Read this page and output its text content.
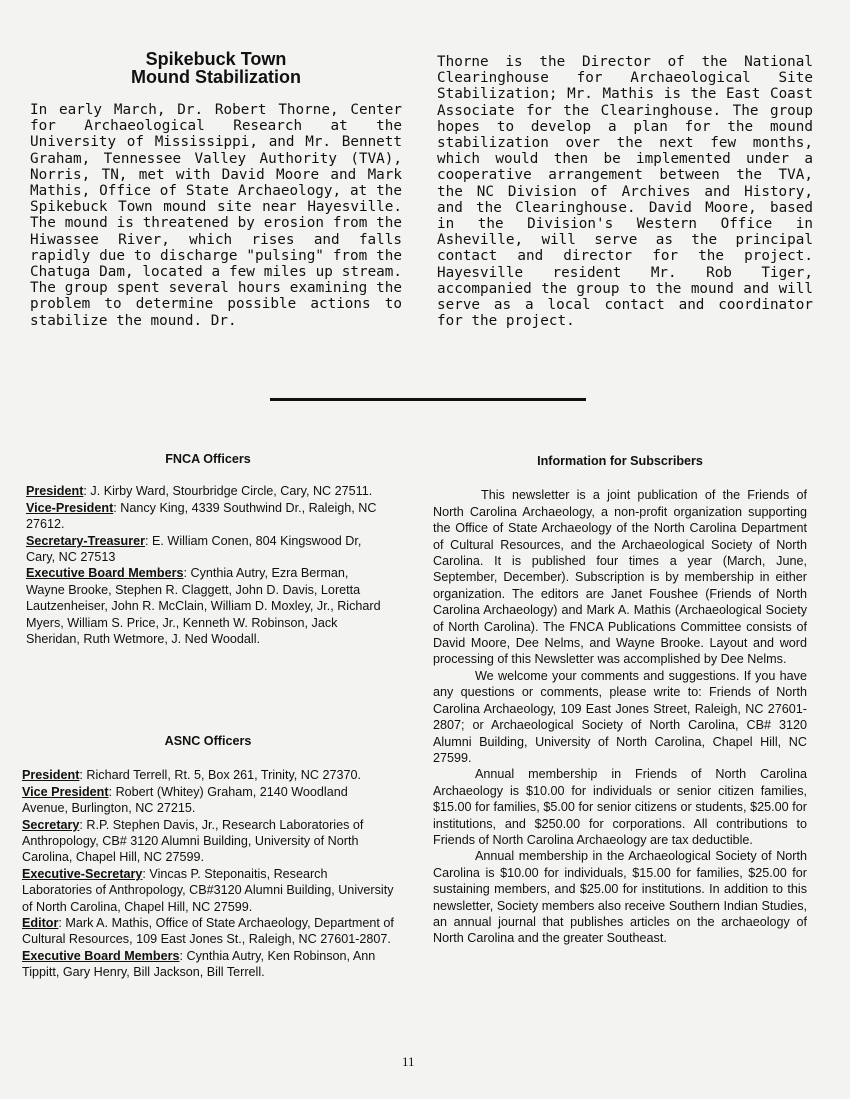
Spikebuck Town
Mound Stabilization

In early March, Dr. Robert Thorne, Center for Archaeological Research at the University of Mississippi, and Mr. Bennett Graham, Tennessee Valley Authority (TVA), Norris, TN, met with David Moore and Mark Mathis, Office of State Archaeology, at the Spikebuck Town mound site near Hayesville. The mound is threatened by erosion from the Hiwassee River, which rises and falls rapidly due to discharge "pulsing" from the Chatuga Dam, located a few miles up stream. The group spent several hours examining the problem to determine possible actions to stabilize the mound. Dr.

Thorne is the Director of the National Clearinghouse for Archaeological Site Stabilization; Mr. Mathis is the East Coast Associate for the Clearinghouse. The group hopes to develop a plan for the mound stabilization over the next few months, which would then be implemented under a cooperative arrangement between the TVA, the NC Division of Archives and History, and the Clearinghouse. David Moore, based in the Division's Western Office in Asheville, will serve as the principal contact and director for the project. Hayesville resident Mr. Rob Tiger, accompanied the group to the mound and will serve as a local contact and coordinator for the project.

FNCA Officers

President: J. Kirby Ward, Stourbridge Circle, Cary, NC 27511.

Vice-President: Nancy King, 4339 Southwind Dr., Raleigh, NC 27612.

Secretary-Treasurer: E. William Conen, 804 Kingswood Dr, Cary, NC 27513

Executive Board Members: Cynthia Autry, Ezra Berman, Wayne Brooke, Stephen R. Claggett, John D. Davis, Loretta Lautzenheiser, John R. McClain, William D. Moxley, Jr., Richard Myers, William S. Price, Jr., Kenneth W. Robinson, Jack Sheridan, Ruth Wetmore, J. Ned Woodall.

ASNC Officers

President: Richard Terrell, Rt. 5, Box 261, Trinity, NC 27370.

Vice President: Robert (Whitey) Graham, 2140 Woodland Avenue, Burlington, NC 27215.

Secretary: R.P. Stephen Davis, Jr., Research Laboratories of Anthropology, CB# 3120 Alumni Building, University of North Carolina, Chapel Hill, NC 27599.

Executive-Secretary: Vincas P. Steponaitis, Research Laboratories of Anthropology, CB#3120 Alumni Building, University of North Carolina, Chapel Hill, NC 27599.

Editor: Mark A. Mathis, Office of State Archaeology, Department of Cultural Resources, 109 East Jones St., Raleigh, NC 27601-2807.

Executive Board Members: Cynthia Autry, Ken Robinson, Ann Tippitt, Gary Henry, Bill Jackson, Bill Terrell.

Information for Subscribers

This newsletter is a joint publication of the Friends of North Carolina Archaeology, a non-profit organization supporting the Office of State Archaeology of the North Carolina Department of Cultural Resources, and the Archaeological Society of North Carolina. It is published four times a year (March, June, September, December). Subscription is by membership in either organization. The editors are Janet Foushee (Friends of North Carolina Archaeology) and Mark A. Mathis (Archaeological Society of North Carolina). The FNCA Publications Committee consists of David Moore, Dee Nelms, and Wayne Brooke. Layout and word processing of this Newsletter was accomplished by Dee Nelms.

We welcome your comments and suggestions. If you have any questions or comments, please write to: Friends of North Carolina Archaeology, 109 East Jones Street, Raleigh, NC 27601-2807; or Archaeological Society of North Carolina, CB# 3120 Alumni Building, University of North Carolina, Chapel Hill, NC 27599.

Annual membership in Friends of North Carolina Archaeology is $10.00 for individuals or senior citizen families, $15.00 for families, $5.00 for senior citizens or students, $25.00 for institutions, and $250.00 for corporations. All contributions to Friends of North Carolina Archaeology are tax deductible.

Annual membership in the Archaeological Society of North Carolina is $10.00 for individuals, $15.00 for families, $25.00 for sustaining members, and $25.00 for institutions. In addition to this newsletter, Society members also receive Southern Indian Studies, an annual journal that publishes articles on the archaeology of North Carolina and the greater Southeast.

11
